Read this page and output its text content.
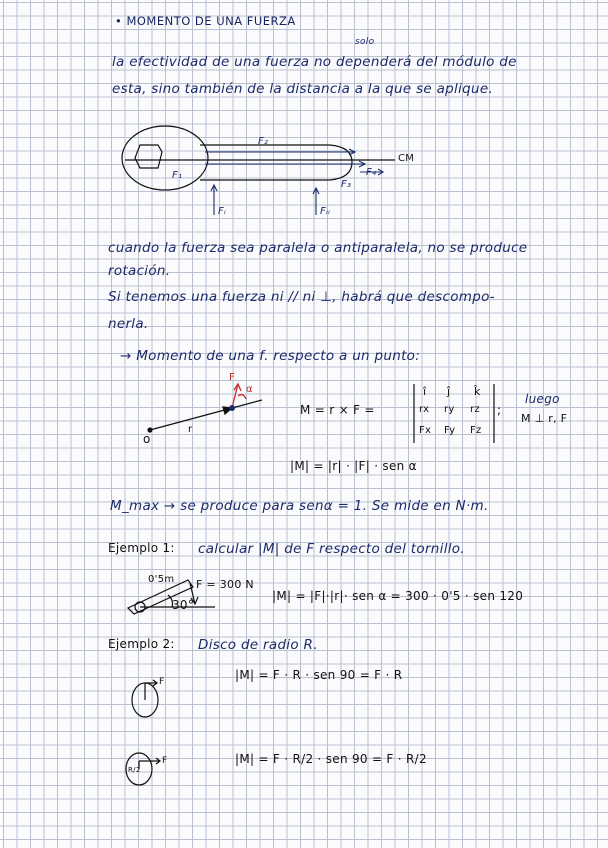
• MOMENTO DE UNA FUERZA
solo
la efectividad de una fuerza no dependerá del módulo de
esta, sino también de la distancia a la que se aplique.
F₂
F₁	F₄
F₃
CM
Fᵢ	Fᵢᵢ
cuando la fuerza sea paralela o antiparalela, no se produce
rotación.
Si tenemos una fuerza ni // ni ⊥, habrá que descompo-
nerla.
→ Momento de una f. respecto a un punto:
o
r
F
α
M = r × F =
î ĵ k̂
rx ry rz
Fx Fy Fz
;
luego
M ⊥ r, F
|M| = |r| · |F| · sen α
M_max → se produce para senα = 1. Se mide en N·m.
Ejemplo 1: calcular |M| de F respecto del tornillo.
0'5m F = 300 N
30°
|M| = |F|·|r|· sen α = 300 · 0'5 · sen 120
Ejemplo 2: Disco de radio R.
F
F
R/2
|M| = F · R · sen 90 = F · R
|M| = F · R/2 · sen 90 = F · R/2
